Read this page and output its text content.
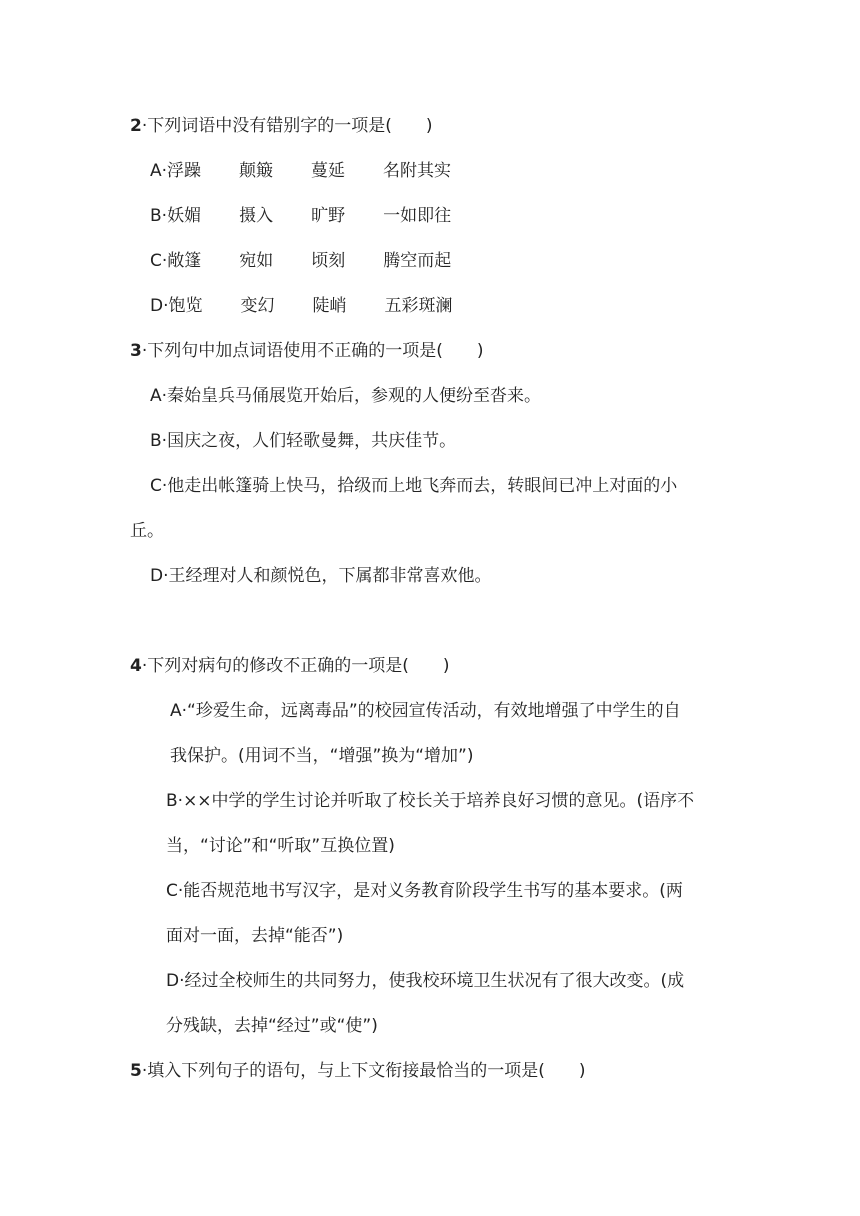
2·下列词语中没有错别字的一项是(　　)
A·浮躁 颠簸 蔓延 名附其实
B·妖媚 摄入 旷野 一如即往
C·敞篷 宛如 顷刻 腾空而起
D·饱览 变幻 陡峭 五彩斑澜
3·下列句中加点词语使用不正确的一项是(　　)
A·秦始皇兵马俑展览开始后，参观的人便纷至沓来。
B·国庆之夜，人们轻歌曼舞，共庆佳节。
C·他走出帐篷骑上快马，拾级而上地飞奔而去，转眼间已冲上对面的小
丘。
D·王经理对人和颜悦色，下属都非常喜欢他。
4·下列对病句的修改不正确的一项是(　　)
A·“珍爱生命，远离毒品”的校园宣传活动，有效地增强了中学生的自
我保护。(用词不当，“增强”换为“增加”)
B·××中学的学生讨论并听取了校长关于培养良好习惯的意见。(语序不
当，“讨论”和“听取”互换位置)
C·能否规范地书写汉字，是对义务教育阶段学生书写的基本要求。(两
面对一面，去掉“能否”)
D·经过全校师生的共同努力，使我校环境卫生状况有了很大改变。(成
分残缺，去掉“经过”或“使”)
5·填入下列句子的语句，与上下文衔接最恰当的一项是(　　)
